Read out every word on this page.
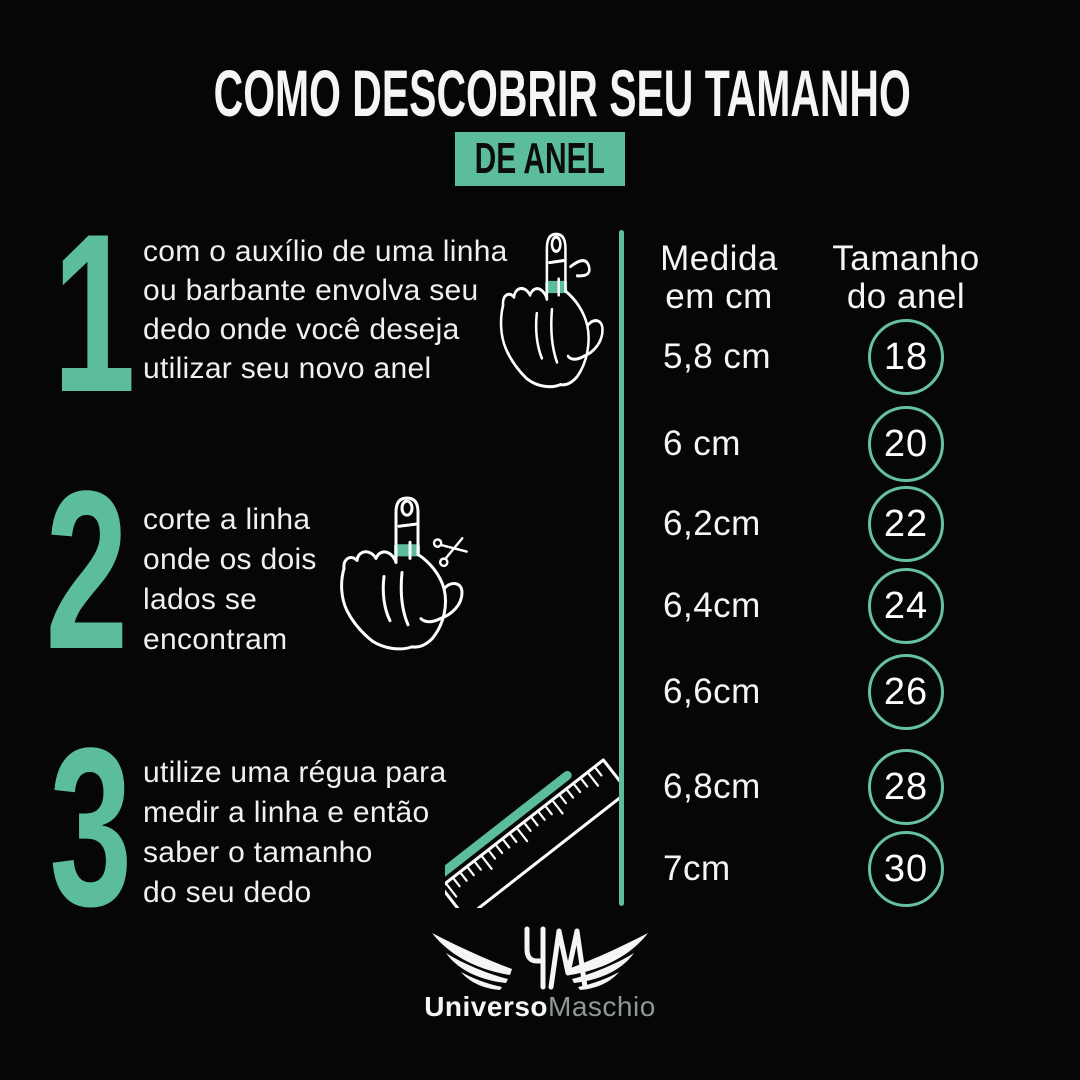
COMO DESCOBRIR SEU TAMANHO
DE ANEL
1 com o auxílio de uma linha
ou barbante envolva seu
dedo onde você deseja
utilizar seu novo anel
2 corte a linha
onde os dois
lados se
encontram
3 utilize uma régua para
medir a linha e então
saber o tamanho
do seu dedo
Medida
em cm
Tamanho
do anel
5,8 cm
6 cm
6,2cm
6,4cm
6,6cm
6,8cm
7cm
18
20
22
24
26
28
30
UniversoMaschio
